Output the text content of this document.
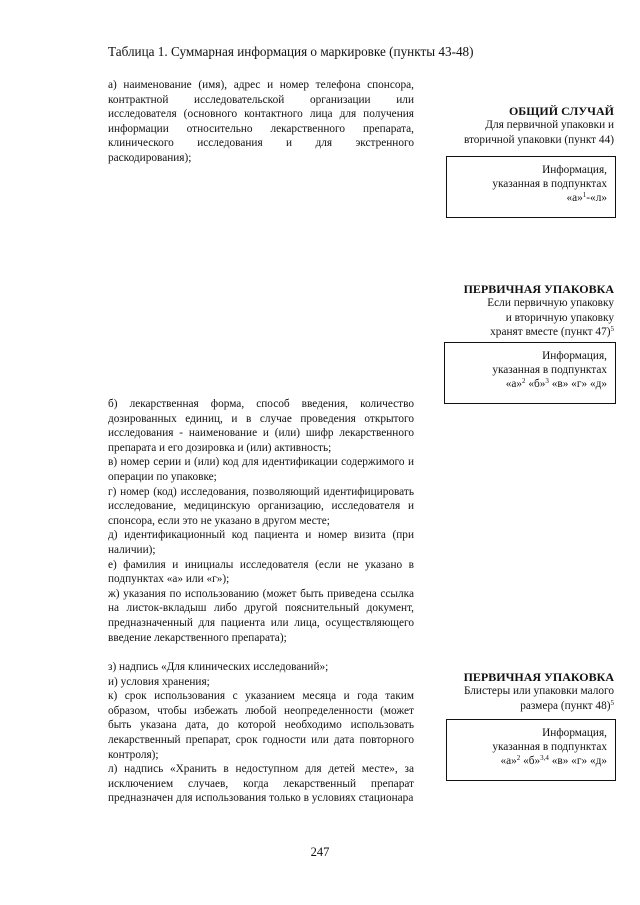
Таблица 1. Суммарная информация о маркировке (пункты 43-48)

а) наименование (имя), адрес и номер телефона спонсора, контрактной исследовательской организации или исследователя (основного контактного лица для получения информации относительно лекарственного препарата, клинического исследования и для экстренного раскодирования);

б) лекарственная форма, способ введения, количество дозированных единиц, и в случае проведения открытого исследования - наименование и (или) шифр лекарственного препарата и его дозировка и (или) активность;

в) номер серии и (или) код для идентификации содержимого и операции по упаковке;

г) номер (код) исследования, позволяющий идентифицировать исследование, медицинскую организацию, исследователя и спонсора, если это не указано в другом месте;

д) идентификационный код пациента и номер визита (при наличии);

е) фамилия и инициалы исследователя (если не указано в подпунктах «а» или «г»);

ж) указания по использованию (может быть приведена ссылка на листок-вкладыш либо другой пояснительный документ, предназначенный для пациента или лица, осуществляющего введение лекарственного препарата);

з) надпись «Для клинических исследований»;

и) условия хранения;

к) срок использования с указанием месяца и года таким образом, чтобы избежать любой неопределенности (может быть указана дата, до которой необходимо использовать лекарственный препарат, срок годности или дата повторного контроля);

л) надпись «Хранить в недоступном для детей месте», за исключением случаев, когда лекарственный препарат предназначен для использования только в условиях стационара

ОБЩИЙ СЛУЧАЙ
Для первичной упаковки и
вторичной упаковки (пункт 44)
Информация,
указанная в подпунктах
«а»$^1$-«л»
ПЕРВИЧНАЯ УПАКОВКА
Если первичную упаковку
и вторичную упаковку
хранят вместе (пункт 47)$^5$
Информация,
указанная в подпунктах
«а»$^2$ «б»$^3$ «в» «г» «д»
ПЕРВИЧНАЯ УПАКОВКА
Блистеры или упаковки малого
размера (пункт 48)$^5$
Информация,
указанная в подпунктах
«а»$^2$ «б»$^{3,4}$ «в» «г» «д»
247
